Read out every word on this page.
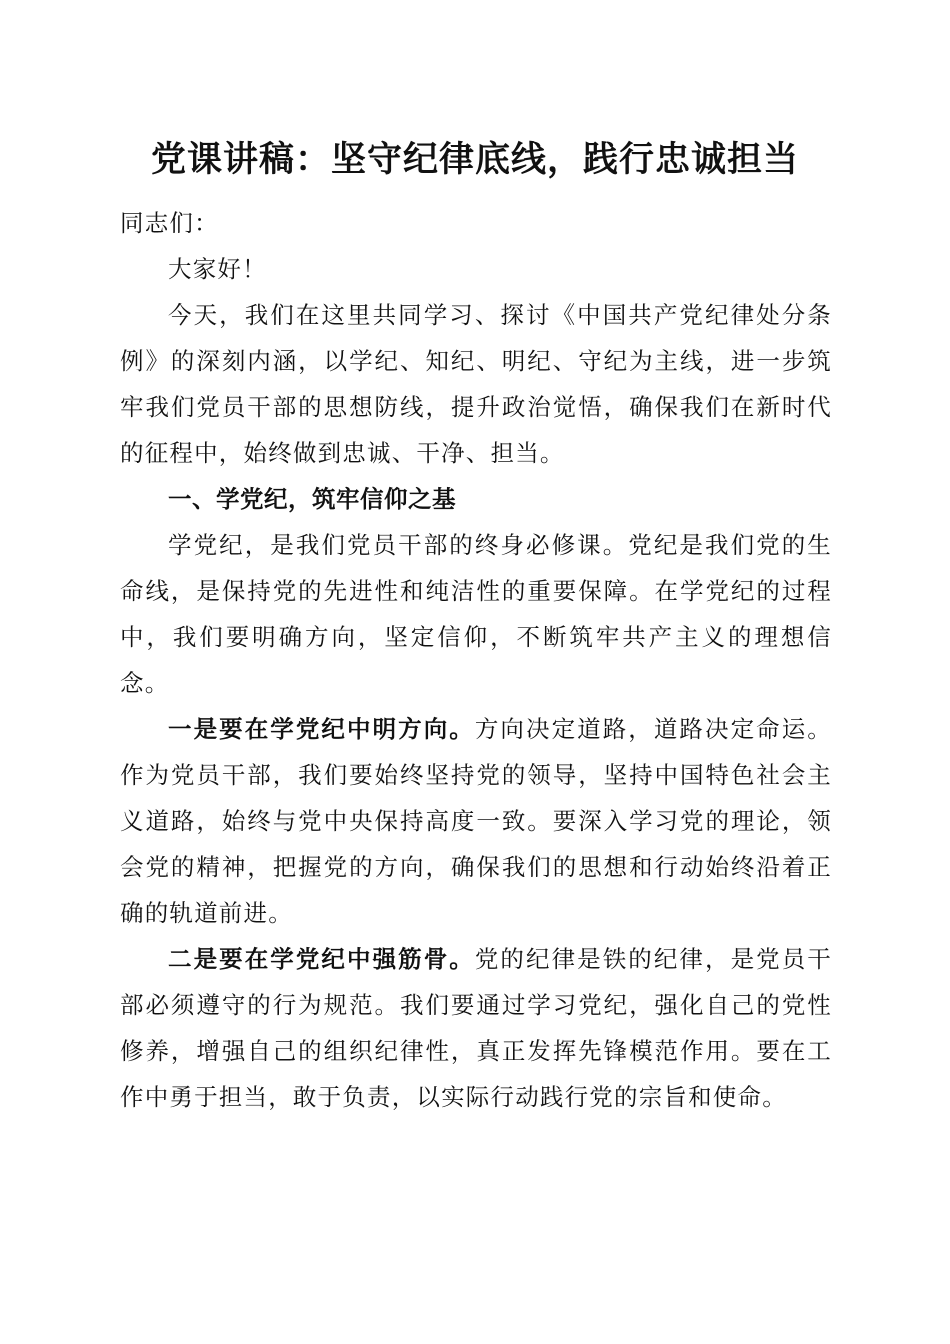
党课讲稿：坚守纪律底线，践行忠诚担当

同志们：

大家好！

今天，我们在这里共同学习、探讨《中国共产党纪律处分条例》的深刻内涵，以学纪、知纪、明纪、守纪为主线，进一步筑牢我们党员干部的思想防线，提升政治觉悟，确保我们在新时代的征程中，始终做到忠诚、干净、担当。

一、学党纪，筑牢信仰之基

学党纪，是我们党员干部的终身必修课。党纪是我们党的生命线，是保持党的先进性和纯洁性的重要保障。在学党纪的过程中，我们要明确方向，坚定信仰，不断筑牢共产主义的理想信念。

一是要在学党纪中明方向。方向决定道路，道路决定命运。作为党员干部，我们要始终坚持党的领导，坚持中国特色社会主义道路，始终与党中央保持高度一致。要深入学习党的理论，领会党的精神，把握党的方向，确保我们的思想和行动始终沿着正确的轨道前进。

二是要在学党纪中强筋骨。党的纪律是铁的纪律，是党员干部必须遵守的行为规范。我们要通过学习党纪，强化自己的党性修养，增强自己的组织纪律性，真正发挥先锋模范作用。要在工作中勇于担当，敢于负责，以实际行动践行党的宗旨和使命。
